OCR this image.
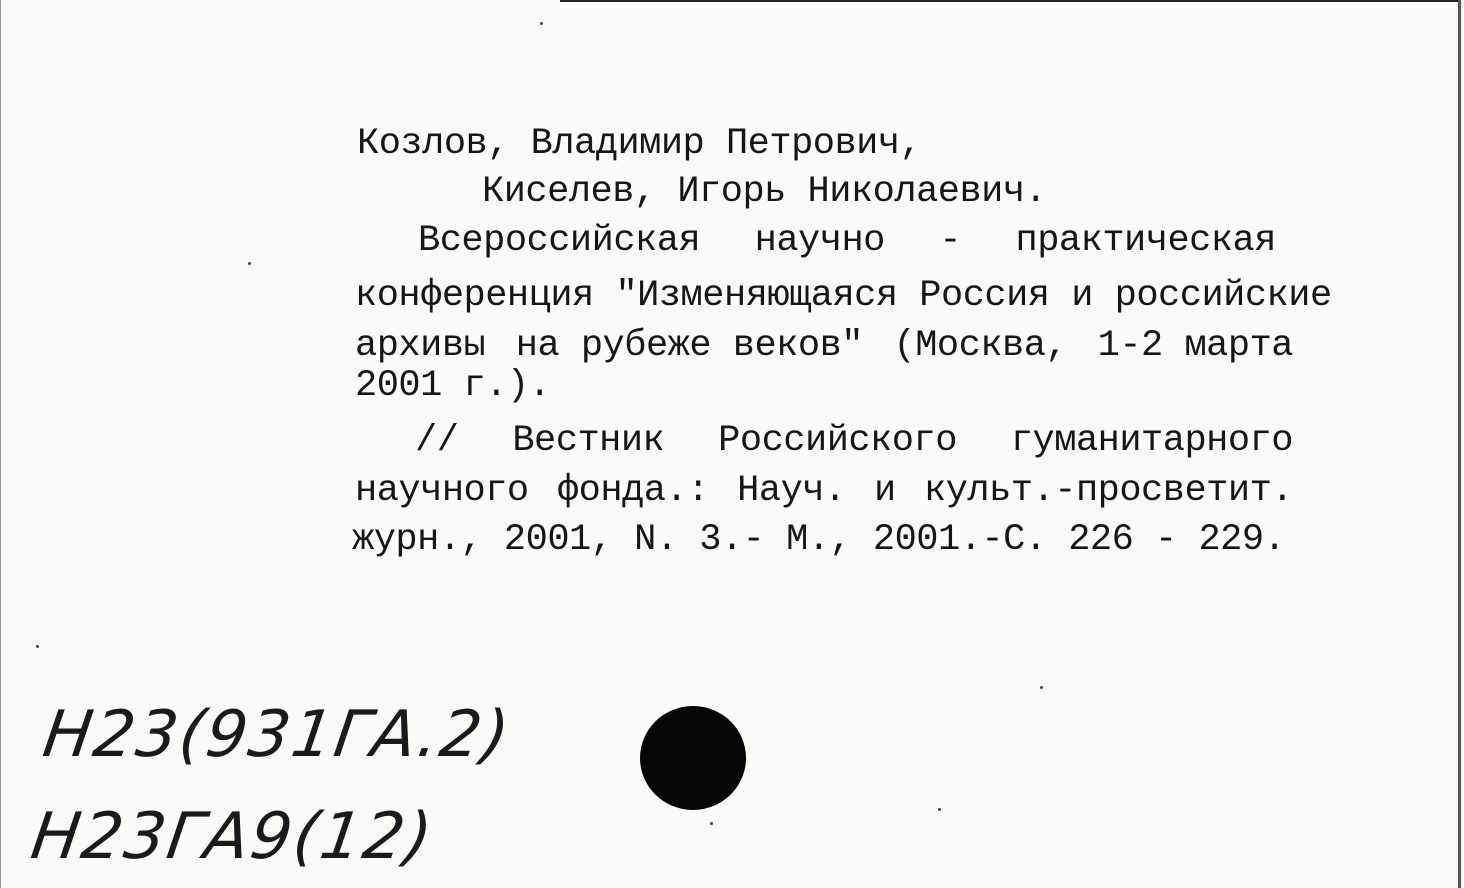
Козлов, Владимир Петрович,
Киселев, Игорь Николаевич.
Всероссийская научно - практическая
конференция "Изменяющаяся Россия и российские
архивы на рубеже веков" (Москва, 1-2 марта
2001 г.).
// Вестник Российского гуманитарного
научного фонда.: Науч. и культ.-просветит.
журн., 2001, N. 3.- М., 2001.-С. 226 - 229.
Н23(931ГА.2)
Н23ГА9(12)
